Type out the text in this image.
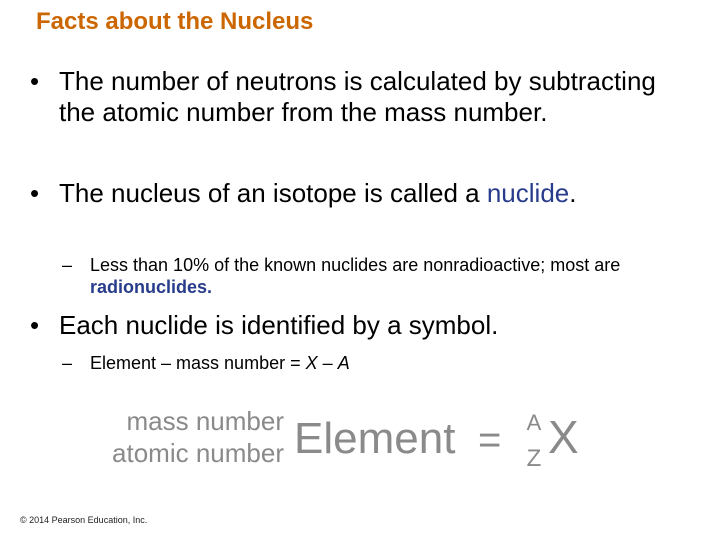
Facts about the Nucleus
• The number of neutrons is calculated by subtracting the atomic number from the mass number.
• The nucleus of an isotope is called a nuclide.
– Less than 10% of the known nuclides are nonradioactive; most are radionuclides.
• Each nuclide is identified by a symbol.
– Element – mass number = X – A
mass number
atomic number Element = A
Z X
© 2014 Pearson Education, Inc.
